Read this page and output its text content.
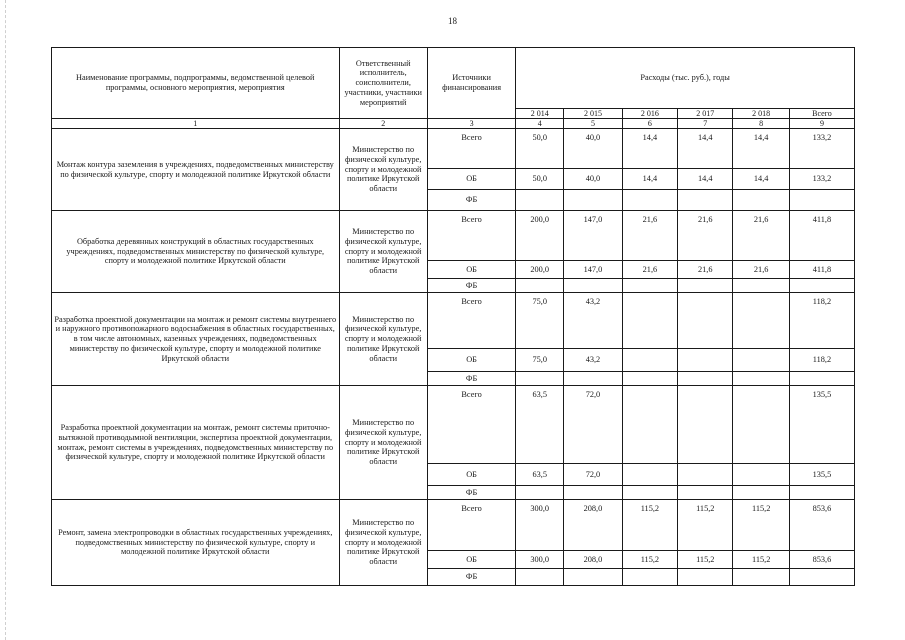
18
Наименование программы, подпрограммы, ведомственной целевой программы, основного мероприятия, мероприятия	Ответственный исполнитель, соисполнители, участники, участники мероприятий	Источники финансирования	Расходы (тыс. руб.), годы					
			2 014	2 015	2 016	2 017	2 018	Всего
1	2	3	4	5	6	7	8	9
Монтаж контура заземления в учреждениях, подведомственных министерству по физической культуре, спорту и молодежной политике Иркутской области	Министерство по физической культуре, спорту и молодежной политике Иркутской области	Всего	50,0	40,0	14,4	14,4	14,4	133,2
		ОБ	50,0	40,0	14,4	14,4	14,4	133,2
		ФБ						
Обработка деревянных конструкций в областных государственных учреждениях, подведомственных министерству по физической культуре, спорту и молодежной политике Иркутской области	Министерство по физической культуре, спорту и молодежной политике Иркутской области	Всего	200,0	147,0	21,6	21,6	21,6	411,8
		ОБ	200,0	147,0	21,6	21,6	21,6	411,8
		ФБ						
Разработка проектной документации на монтаж и ремонт системы внутреннего и наружного противопожарного водоснабжения в областных государственных, в том числе автономных, казенных учреждениях, подведомственных министерству по физической культуре, спорту и молодежной политике Иркутской области	Министерство по физической культуре, спорту и молодежной политике Иркутской области	Всего	75,0	43,2				118,2
		ОБ	75,0	43,2				118,2
		ФБ						
Разработка проектной документации на монтаж, ремонт системы приточно-вытяжной противодымной вентиляции, экспертиза проектной документации, монтаж, ремонт системы в учреждениях, подведомственных министерству по физической культуре, спорту и молодежной политике Иркутской области	Министерство по физической культуре, спорту и молодежной политике Иркутской области	Всего	63,5	72,0				135,5
		ОБ	63,5	72,0				135,5
		ФБ						
Ремонт, замена электропроводки в областных государственных учреждениях, подведомственных министерству по физической культуре, спорту и молодежной политике Иркутской области	Министерство по физической культуре, спорту и молодежной политике Иркутской области	Всего	300,0	208,0	115,2	115,2	115,2	853,6
		ОБ	300,0	208,0	115,2	115,2	115,2	853,6
		ФБ						
